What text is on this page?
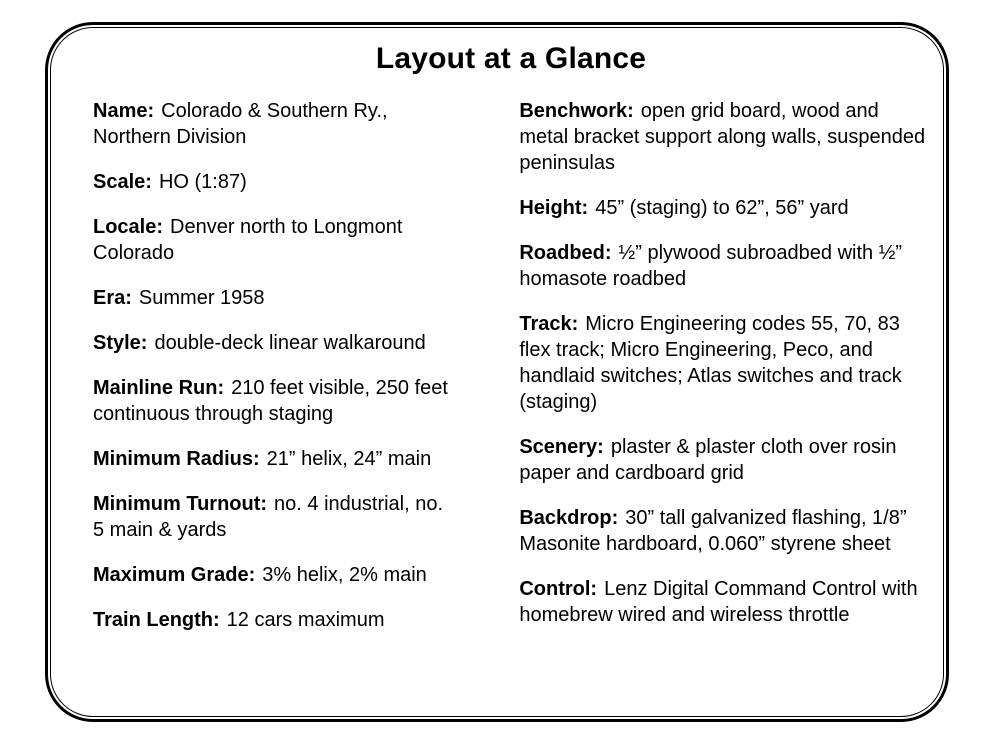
Layout at a Glance

Name: Colorado & Southern Ry., Northern Division

Scale: HO (1:87)

Locale: Denver north to Longmont Colorado

Era: Summer 1958

Style: double-deck linear walkaround

Mainline Run: 210 feet visible, 250 feet continuous through staging

Minimum Radius: 21” helix, 24” main

Minimum Turnout: no. 4 industrial, no. 5 main & yards

Maximum Grade: 3% helix, 2% main

Train Length: 12 cars maximum

Benchwork: open grid board, wood and metal bracket support along walls, suspended peninsulas

Height: 45” (staging) to 62”, 56” yard

Roadbed: ½” plywood subroadbed with ½” homasote roadbed

Track: Micro Engineering codes 55, 70, 83 flex track; Micro Engineering, Peco, and handlaid switches; Atlas switches and track (staging)

Scenery: plaster & plaster cloth over rosin paper and cardboard grid

Backdrop: 30” tall galvanized flashing, 1/8” Masonite hardboard, 0.060” styrene sheet

Control: Lenz Digital Command Control with homebrew wired and wireless throttle
